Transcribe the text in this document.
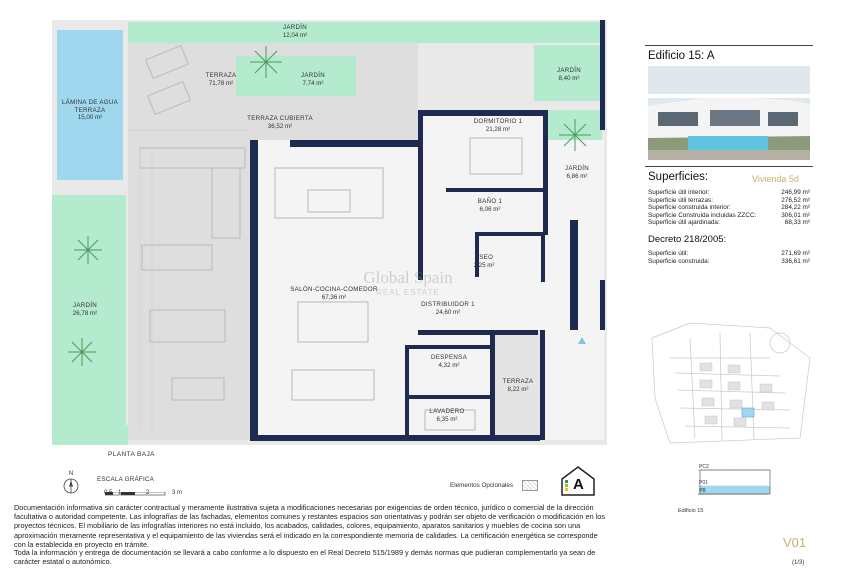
Global Spain
REAL ESTATE
JARDÍN
12,04 m²
TERRAZA
71,78 m²
JARDÍN
7,74 m²
JARDÍN
8,40 m²
LÁMINA DE AGUA
TERRAZA
15,00 m²	TERRAZA CUBIERTA
36,52 m²
DORMITORIO 1
21,28 m²
JARDÍN
6,86 m²
BAÑO 1
6,06 m²
ASEO
2,25 m²
SALÓN-COCINA-COMEDOR
67,36 m²
DISTRIBUIDOR 1
24,60 m²
JARDÍN
26,78 m²
DESPENSA
4,32 m²
TERRAZA
8,22 m²
LAVADERO
6,35 m²
PLANTA BAJA
N
ESCALA GRÁFICA
0.5 1	2	3 m
Elementos Opcionales	A
Edificio 15: A
Superficies:	Vivienda 5d
Superficie útil interior:	246,99 m²
Superficie útil terrazas:	276,52 m²
Superficie construida interior:	284,22 m²
Superficie Construida incluidas ZZCC:	306,01 m²
Superficie útil ajardinada:	68,33 m²
Decreto 218/2005:
Superficie útil:	271,69 m²
Superficie construida:	336,61 m²
PC2
P01
PB
Edificio 15
V01
(1/3)
Documentación informativa sin carácter contractual y meramente ilustrativa sujeta a modificaciones necesarias por exigencias de orden técnico, jurídico o comercial de la dirección facultativa o autoridad competente. Las infografías de las fachadas, elementos comunes y restantes espacios son orientativas y podrán ser objeto de verificación o modificación en los proyectos técnicos. El mobiliario de las infografías interiores no está incluido, los acabados, calidades, colores, equipamiento, aparatos sanitarios y muebles de cocina son una aproximación meramente representativa y el equipamiento de las viviendas será el indicado en la correspondiente memoria de calidades. La certificación energética se corresponde con la establecida en proyecto en trámite.
Toda la información y entrega de documentación se llevará a cabo conforme a lo dispuesto en el Real Decreto 515/1989 y demás normas que pudieran complementarlo ya sean de carácter estatal o autonómico.
